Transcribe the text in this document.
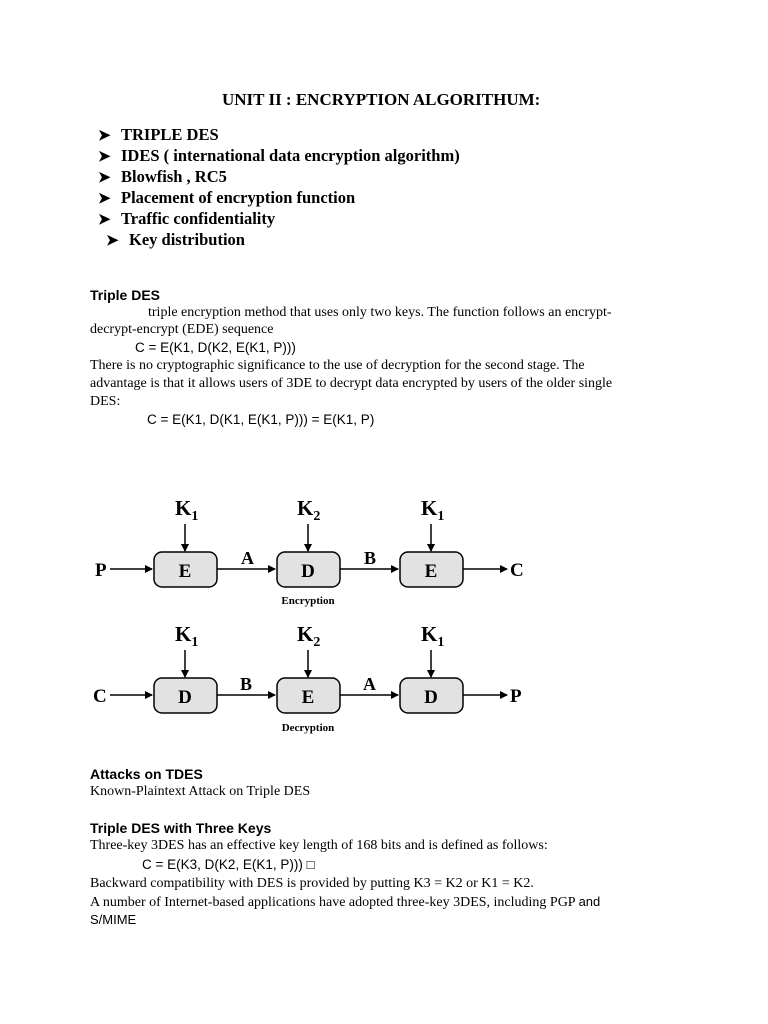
UNIT II : ENCRYPTION ALGORITHUM:
➤ TRIPLE DES
➤ IDES ( international data encryption algorithm)
➤ Blowfish , RC5
➤ Placement of encryption function
➤ Traffic confidentiality
➤ Key distribution
Triple DES
triple encryption method that uses only two keys. The function follows an encrypt-
decrypt-encrypt (EDE) sequence
C = E(K1, D(K2, E(K1, P)))
There is no cryptographic significance to the use of decryption for the second stage. The
advantage is that it allows users of 3DE to decrypt data encrypted by users of the older single
DES:
C = E(K1, D(K1, E(K1, P))) = E(K1, P)
$K_1$	$K_2$	$K_1$
E	D	E
P
A	B
C
Encryption
$K_1$	$K_2$	$K_1$
D	E	D
C
B	A
P
Decryption
Attacks on TDES
Known-Plaintext Attack on Triple DES
Triple DES with Three Keys
Three-key 3DES has an effective key length of 168 bits and is defined as follows:
C = E(K3, D(K2, E(K1, P))) □
Backward compatibility with DES is provided by putting K3 = K2 or K1 = K2.
A number of Internet-based applications have adopted three-key 3DES, including PGP and
S/MIME
